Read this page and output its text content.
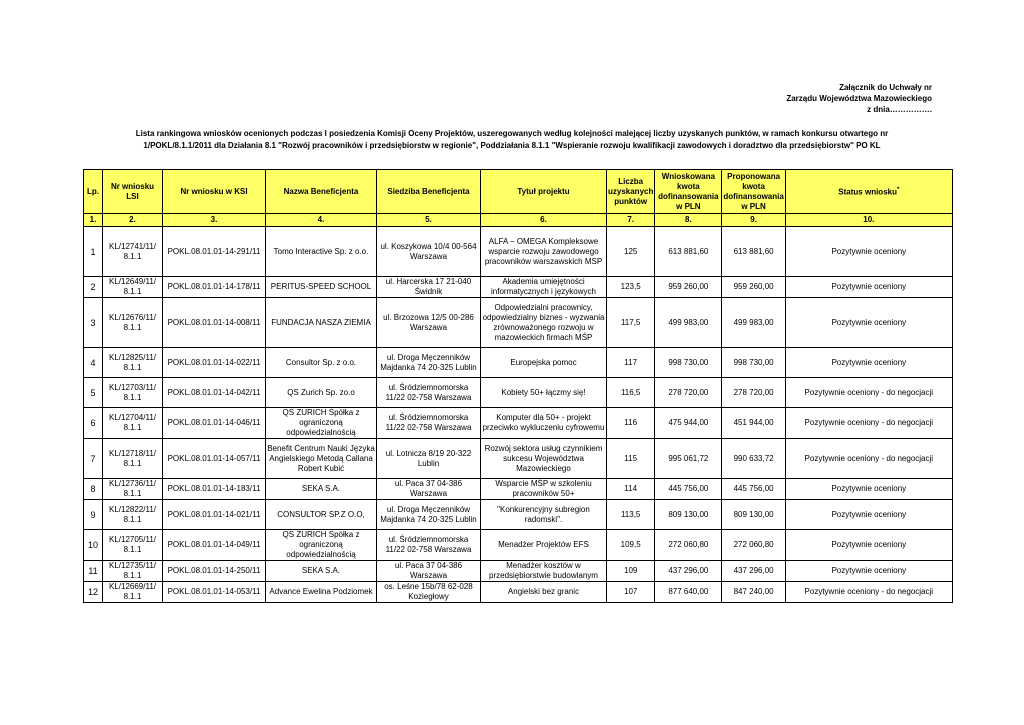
Załącznik do Uchwały nr
Zarządu Województwa Mazowieckiego
z dnia…………….
Lista rankingowa wniosków ocenionych podczas I posiedzenia Komisji Oceny Projektów, uszeregowanych według kolejności malejącej liczby uzyskanych punktów, w ramach konkursu otwartego nr
1/POKL/8.1.1/2011 dla Działania 8.1 "Rozwój pracowników i przedsiębiorstw w regionie", Poddziałania 8.1.1 "Wspieranie rozwoju kwalifikacji zawodowych i doradztwo dla przedsiębiorstw" PO KL
Lp.	Nr wniosku LSI	Nr wniosku w KSI	Nazwa Beneficjenta	Siedziba Beneficjenta	Tytuł projektu	Liczba uzyskanych punktów	Wnioskowana kwota dofinansowania w PLN	Proponowana kwota dofinansowania w PLN	Status wniosku*
1.	2.	3.	4.	5.	6.	7.	8.	9.	10.
1	KL/12741/11/ 8.1.1	POKL.08.01.01-14-291/11	Tomo Interactive Sp. z o.o.	ul. Koszykowa 10/4 00-564 Warszawa	ALFA – OMEGA Kompleksowe wsparcie rozwoju zawodowego pracowników warszawskich MSP	125	613 881,60	613 881,60	Pozytywnie oceniony
2	KL/12649/11/ 8.1.1	POKL.08.01.01-14-178/11	PERITUS-SPEED SCHOOL	ul. Harcerska 17 21-040 Świdnik	Akademia umiejętności informatycznych i językowych	123,5	959 260,00	959 260,00	Pozytywnie oceniony
3	KL/12676/11/ 8.1.1	POKL.08.01.01-14-008/11	FUNDACJA NASZA ZIEMIA	ul. Brzozowa 12/5 00-286 Warszawa	Odpowiedzialni pracownicy, odpowiedzialny biznes - wyzwania zrównoważonego rozwoju w mazowieckich firmach MŚP	117,5	499 983,00	499 983,00	Pozytywnie oceniony
4	KL/12825/11/ 8.1.1	POKL.08.01.01-14-022/11	Consultor Sp. z o.o.	ul. Droga Męczenników Majdanka 74 20-325 Lublin	Europejska pomoc	117	998 730,00	998 730,00	Pozytywnie oceniony
5	KL/12703/11/ 8.1.1	POKL.08.01.01-14-042/11	QS Zurich Sp. zo.o	ul. Śródziemnomorska 11/22 02-758 Warszawa	Kobiety 50+ łączmy się!	116,5	278 720,00	278 720,00	Pozytywnie oceniony - do negocjacji
6	KL/12704/11/ 8.1.1	POKL.08.01.01-14-046/11	QS ZURICH Spółka z ograniczoną odpowiedzialnością	ul. Śródziemnomorska 11/22 02-758 Warszawa	Komputer dla 50+ - projekt przeciwko wykluczeniu cyfrowemu	116	475 944,00	451 944,00	Pozytywnie oceniony - do negocjacji
7	KL/12718/11/ 8.1.1	POKL.08.01.01-14-057/11	Benefit Centrum Nauki Języka Angielskiego Metodą Callana Robert Kubić	ul. Lotnicza 8/19 20-322 Lublin	Rozwój sektora usług czynnikiem sukcesu Województwa Mazowieckiego	115	995 061,72	990 633,72	Pozytywnie oceniony - do negocjacji
8	KL/12736/11/ 8.1.1	POKL.08.01.01-14-183/11	SEKA S.A.	ul. Paca 37 04-386 Warszawa	Wsparcie MŚP w szkoleniu pracowników 50+	114	445 756,00	445 756,00	Pozytywnie oceniony
9	KL/12822/11/ 8.1.1	POKL.08.01.01-14-021/11	CONSULTOR SP.Z O.O,	ul. Droga Męczenników Majdanka 74 20-325 Lublin	"Konkurencyjny subregion radomski".	113,5	809 130,00	809 130,00	Pozytywnie oceniony
10	KL/12705/11/ 8.1.1	POKL.08.01.01-14-049/11	QS ZURICH Spółka z ograniczoną odpowiedzialnością	ul. Śródziemnomorska 11/22 02-758 Warszawa	Menadżer Projektów EFS	109,5	272 060,80	272 060,80	Pozytywnie oceniony
11	KL/12735/11/ 8.1.1	POKL.08.01.01-14-250/11	SEKA S.A.	ul. Paca 37 04-386 Warszawa	Menadżer kosztów w przedsiębiorstwie budowlanym	109	437 296,00	437 296,00	Pozytywnie oceniony
12	KL/12669/11/ 8.1.1	POKL.08.01.01-14-053/11	Advance Ewelina Podziomek	os. Leśne 15b/78 62-028 Koziegłowy	Angielski bez granic	107	877 640,00	847 240,00	Pozytywnie oceniony - do negocjacji
